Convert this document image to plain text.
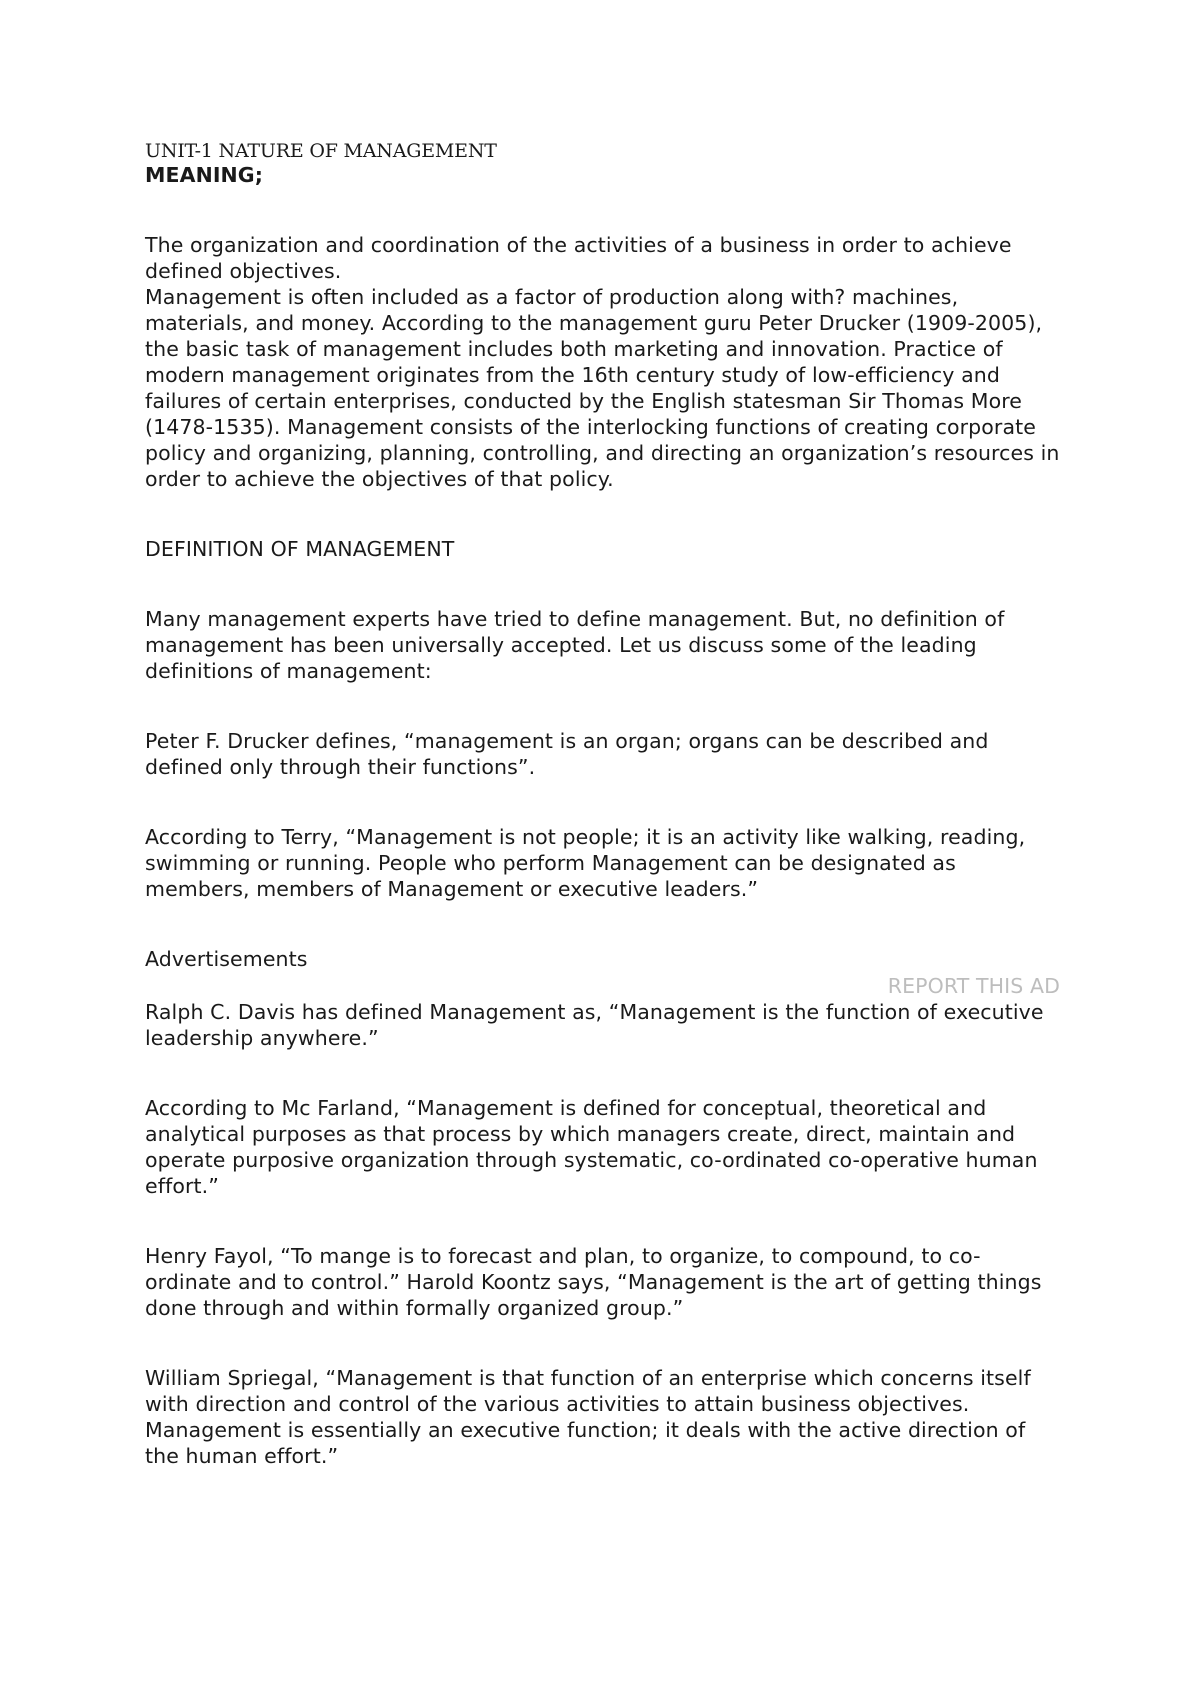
UNIT-1 NATURE OF MANAGEMENT
MEANING;

The organization and coordination of the activities of a business in order to achieve defined objectives.

Management is often included as a factor of production along with? machines, materials, and money. According to the management guru Peter Drucker (1909-2005), the basic task of management includes both marketing and innovation. Practice of modern management originates from the 16th century study of low-efficiency and failures of certain enterprises, conducted by the English statesman Sir Thomas More (1478-1535). Management consists of the interlocking functions of creating corporate policy and organizing, planning, controlling, and directing an organization’s resources in order to achieve the objectives of that policy.

DEFINITION OF MANAGEMENT

Many management experts have tried to define management. But, no definition of management has been universally accepted. Let us discuss some of the leading definitions of management:

Peter F. Drucker defines, “management is an organ; organs can be described and defined only through their functions”.

According to Terry, “Management is not people; it is an activity like walking, reading, swimming or running. People who perform Management can be designated as members, members of Management or executive leaders.”

Advertisements

REPORT THIS AD

Ralph C. Davis has defined Management as, “Management is the function of executive leadership anywhere.”

According to Mc Farland, “Management is defined for conceptual, theoretical and analytical purposes as that process by which managers create, direct, maintain and operate purposive organization through systematic, co-ordinated co-operative human effort.”

Henry Fayol, “To mange is to forecast and plan, to organize, to compound, to co-ordinate and to control.” Harold Koontz says, “Management is the art of getting things done through and within formally organized group.”

William Spriegal, “Management is that function of an enterprise which concerns itself with direction and control of the various activities to attain business objectives. Management is essentially an executive function; it deals with the active direction of the human effort.”
